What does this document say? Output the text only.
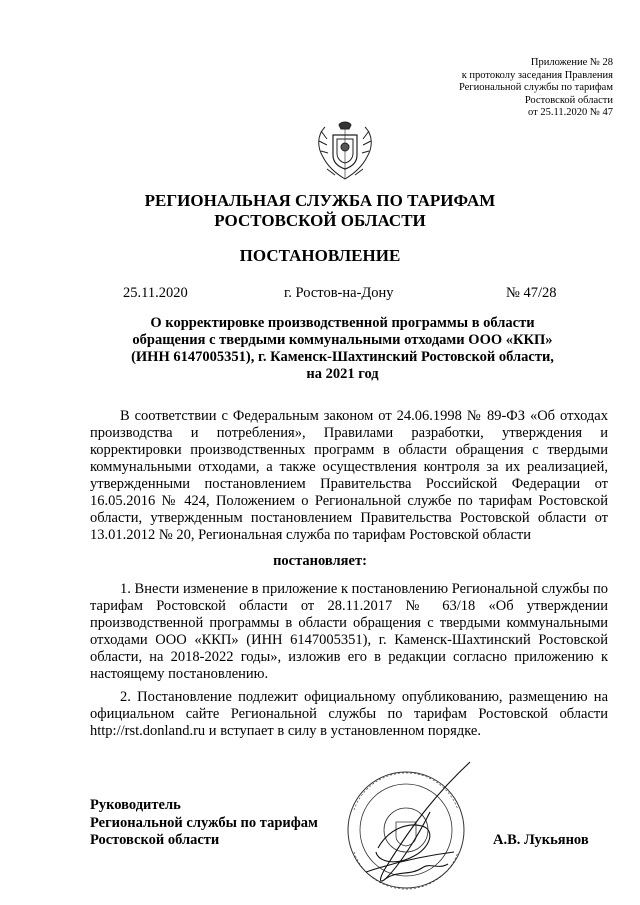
Приложение № 28
к протоколу заседания Правления
Региональной службы по тарифам
Ростовской области
от 25.11.2020 № 47
РЕГИОНАЛЬНАЯ СЛУЖБА ПО ТАРИФАМ
РОСТОВСКОЙ ОБЛАСТИ
ПОСТАНОВЛЕНИЕ
25.11.2020	г. Ростов-на-Дону	№ 47/28
О корректировке производственной программы в области
обращения с твердыми коммунальными отходами ООО «ККП»
(ИНН 6147005351), г. Каменск-Шахтинский Ростовской области,
на 2021 год
В соответствии с Федеральным законом от 24.06.1998 № 89-ФЗ «Об отходах производства и потребления», Правилами разработки, утверждения и корректировки производственных программ в области обращения с твердыми коммунальными отходами, а также осуществления контроля за их реализацией, утвержденными постановлением Правительства Российской Федерации от 16.05.2016 № 424, Положением о Региональной службе по тарифам Ростовской области, утвержденным постановлением Правительства Ростовской области от 13.01.2012 № 20, Региональная служба по тарифам Ростовской области
постановляет:
1. Внести изменение в приложение к постановлению Региональной службы по тарифам Ростовской области от 28.11.2017 № 63/18 «Об утверждении производственной программы в области обращения с твердыми коммунальными отходами ООО «ККП» (ИНН 6147005351), г. Каменск-Шахтинский Ростовской области, на 2018-2022 годы», изложив его в редакции согласно приложению к настоящему постановлению.
2. Постановление подлежит официальному опубликованию, размещению на официальном сайте Региональной службы по тарифам Ростовской области http://rst.donland.ru и вступает в силу в установленном порядке.
Руководитель
Региональной службы по тарифам
Ростовской области	А.В. Лукьянов
